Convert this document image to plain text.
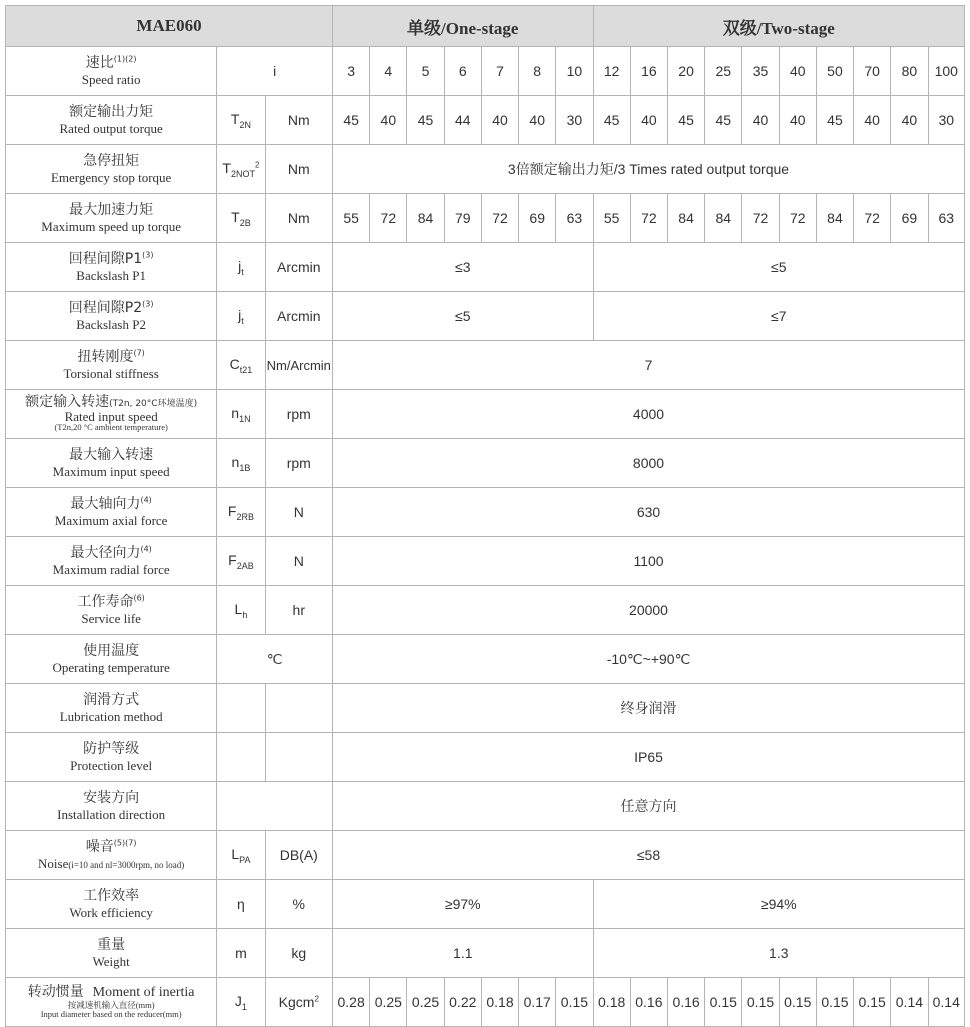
MAE060			单级/One-stage							双级/Two-stage									

速比$^{(1)(2)}$
Speed ratio	i		3	4	5	6	7	8	10	12	16	20	25	35	40	50	70	80	100

额定输出力矩
Rated output torque	$T_{2N}$	Nm	45	40	45	44	40	40	30	45	40	45	45	40	40	45	40	40	30

急停扭矩
Emergency stop torque	$T_{2NOT}^2$	Nm	3倍额定输出力矩/3 Times rated output torque																

最大加速力矩
Maximum speed up torque	$T_{2B}$	Nm	55	72	84	79	72	69	63	55	72	84	84	72	72	84	72	69	63

回程间隙P1$^{(3)}$
Backslash P1	$j_t$	Arcmin	≤3							≤5									

回程间隙P2$^{(3)}$
Backslash P2	$j_t$	Arcmin	≤5							≤7									

扭转刚度$^{(7)}$
Torsional stiffness	$C_{t21}$	Nm/Arcmin	7																

额定输入转速(T2n, 20°C环境温度)
Rated input speed
(T2n,20 °C ambient temperature)	$n_{1N}$	rpm	4000																

最大输入转速
Maximum input speed	$n_{1B}$	rpm	8000																

最大轴向力$^{(4)}$
Maximum axial force	$F_{2RB}$	N	630																

最大径向力$^{(4)}$
Maximum radial force	$F_{2AB}$	N	1100																

工作寿命$^{(6)}$
Service life	$L_h$	hr	20000																

使用温度
Operating temperature	℃		-10℃~+90℃																

润滑方式
Lubrication method			终身润滑																

防护等级
Protection level			IP65																

安装方向
Installation direction			任意方向																

噪音$^{(5)(7)}$
Noise(i=10 and nl=3000rpm, no load)	$L_{PA}$	DB(A)	≤58																

工作效率
Work efficiency	η	%	≥97%							≥94%									

重量
Weight	m	kg	1.1							1.3									

转动惯量 Moment of inertia
按减速机输入直径(mm)
Input diameter based on the reducer(mm)	$J_1$	Kgcm$^2$	0.28	0.25	0.25	0.22	0.18	0.17	0.15	0.18	0.16	0.16	0.15	0.15	0.15	0.15	0.15	0.14	0.14
